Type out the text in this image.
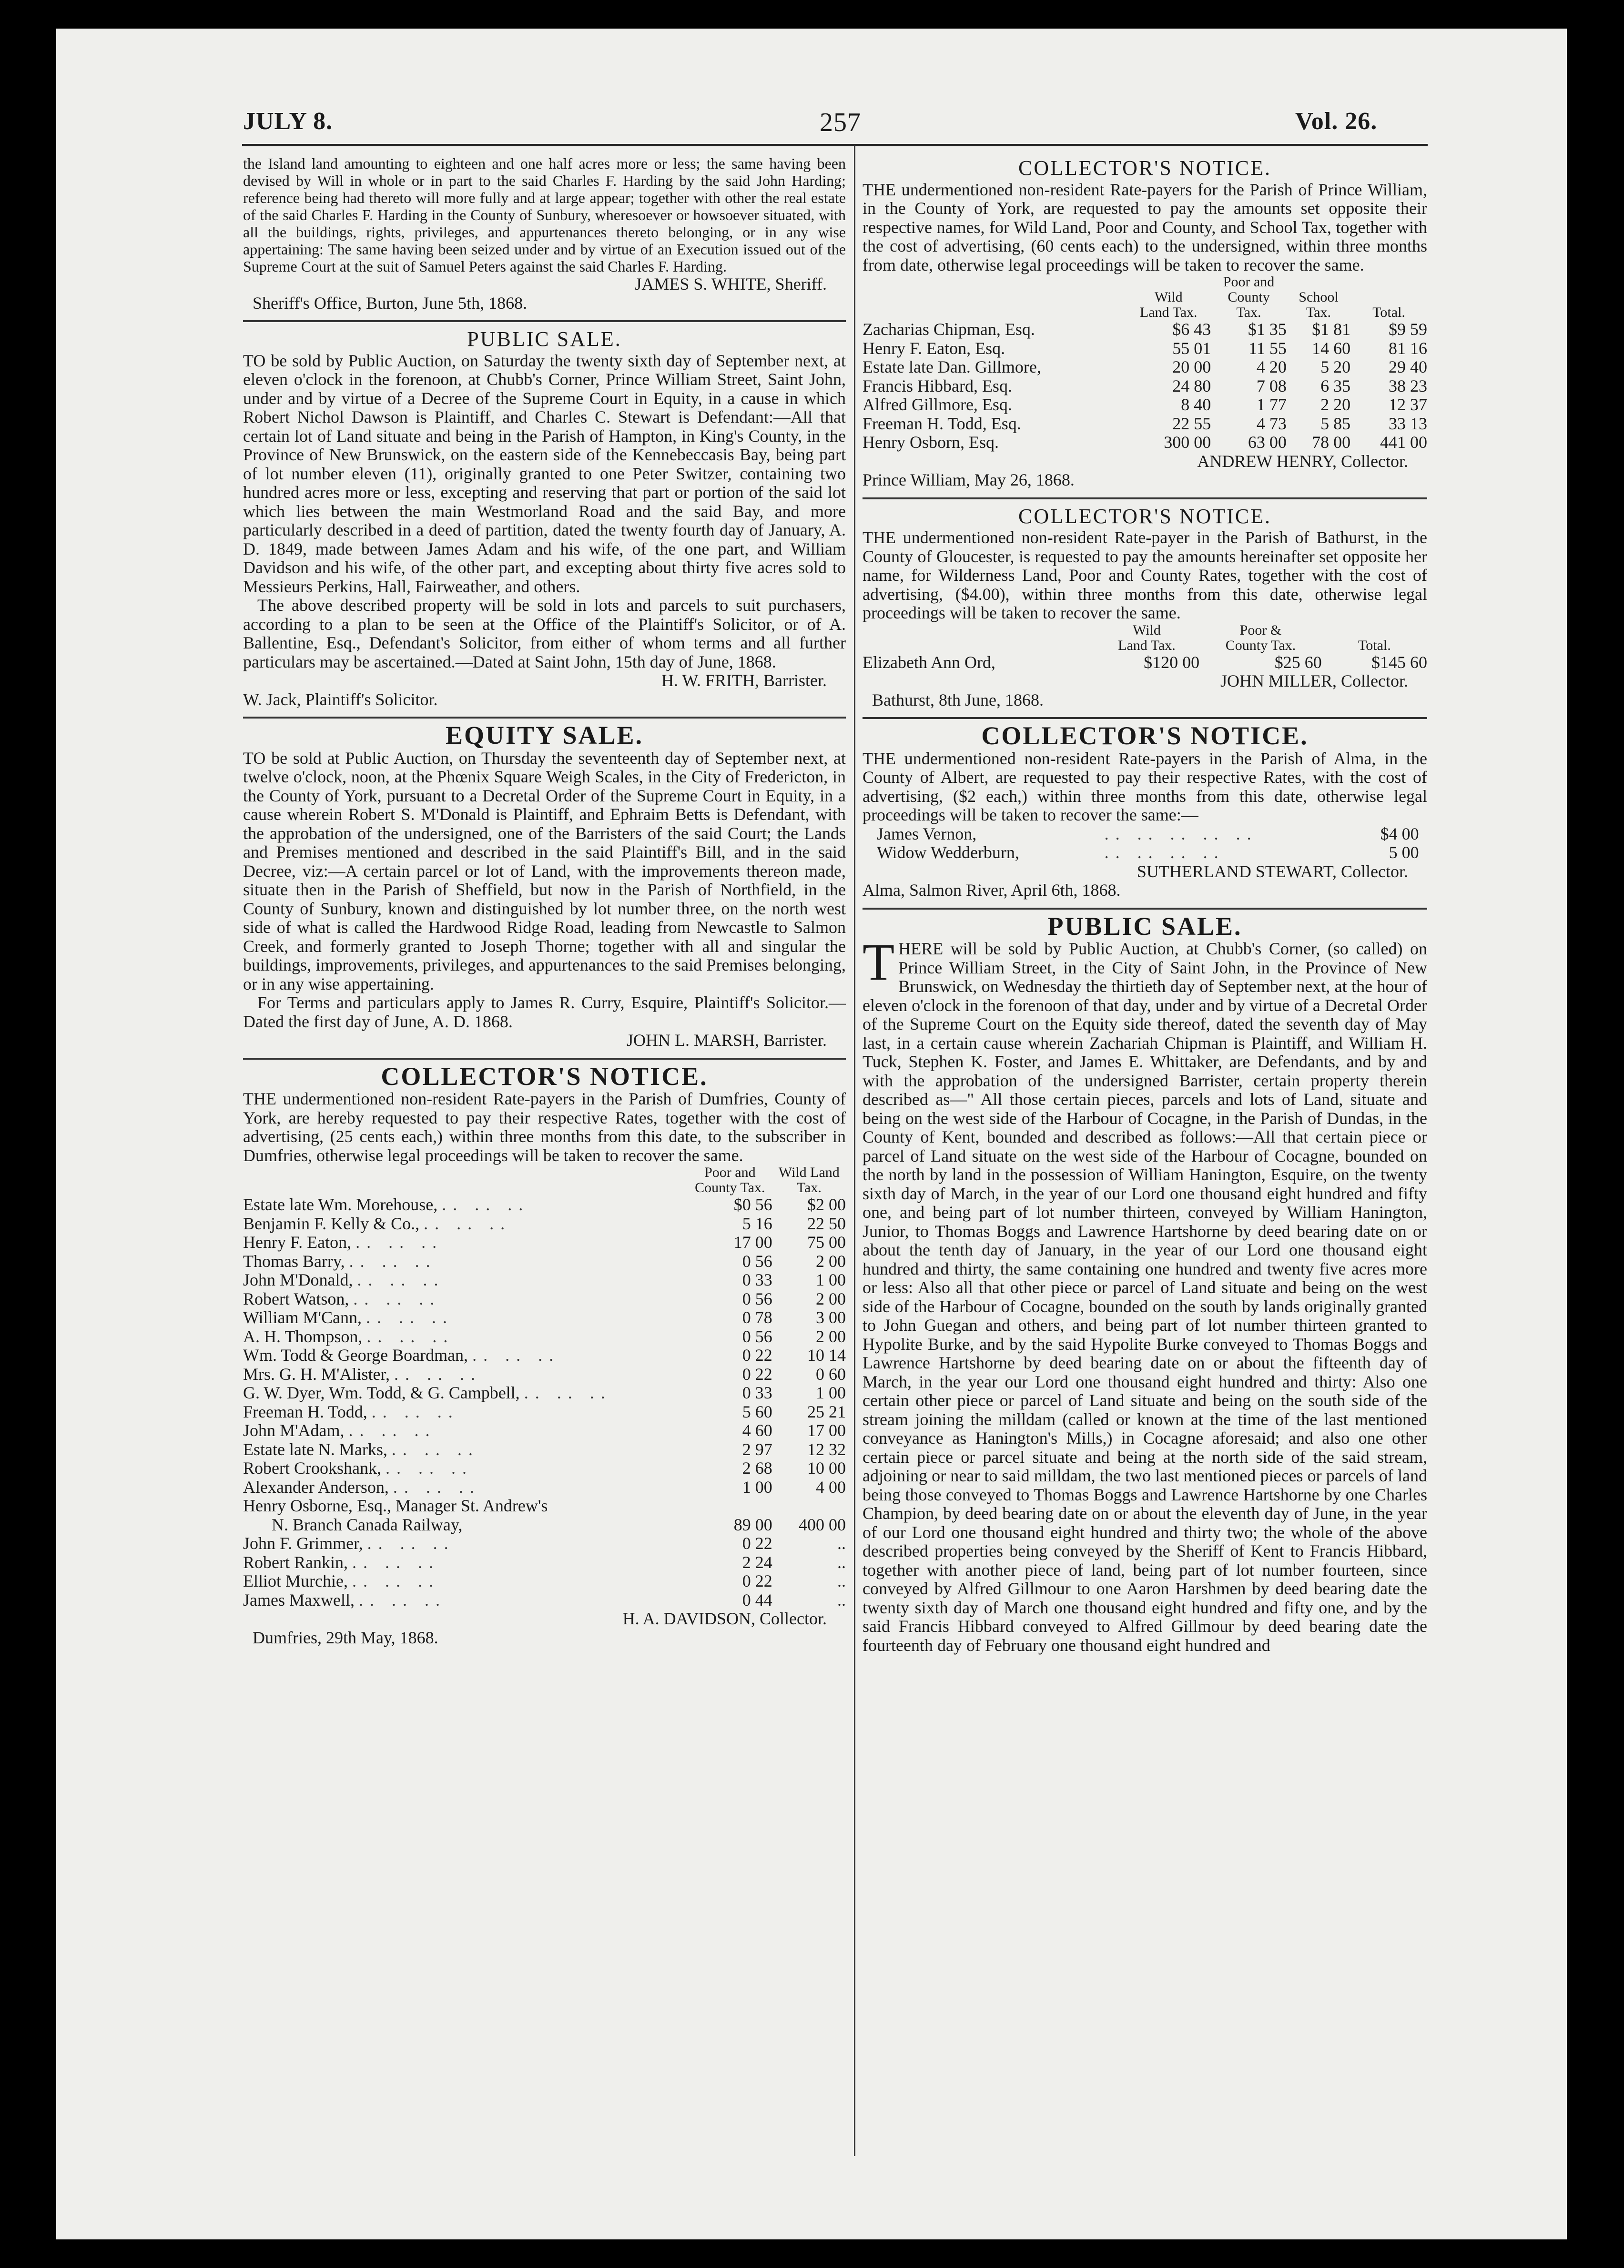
JULY 8.	257	Vol. 26.

the Island land amounting to eighteen and one half acres more or less; the same having been devised by Will in whole or in part to the said Charles F. Harding by the said John Harding; reference being had thereto will more fully and at large appear; together with other the real estate of the said Charles F. Harding in the County of Sunbury, wheresoever or howsoever situated, with all the buildings, rights, privileges, and appurtenances thereto belonging, or in any wise appertaining: The same having been seized under and by virtue of an Execution issued out of the Supreme Court at the suit of Samuel Peters against the said Charles F. Harding.

JAMES S. WHITE, Sheriff.
Sheriff's Office, Burton, June 5th, 1868.
PUBLIC SALE.

TO be sold by Public Auction, on Saturday the twenty sixth day of September next, at eleven o'clock in the forenoon, at Chubb's Corner, Prince William Street, Saint John, under and by virtue of a Decree of the Supreme Court in Equity, in a cause in which Robert Nichol Dawson is Plaintiff, and Charles C. Stewart is Defendant:—All that certain lot of Land situate and being in the Parish of Hampton, in King's County, in the Province of New Brunswick, on the eastern side of the Kennebeccasis Bay, being part of lot number eleven (11), originally granted to one Peter Switzer, containing two hundred acres more or less, excepting and reserving that part or portion of the said lot which lies between the main Westmorland Road and the said Bay, and more particularly described in a deed of partition, dated the twenty fourth day of January, A. D. 1849, made between James Adam and his wife, of the one part, and William Davidson and his wife, of the other part, and excepting about thirty five acres sold to Messieurs Perkins, Hall, Fairweather, and others.

The above described property will be sold in lots and parcels to suit purchasers, according to a plan to be seen at the Office of the Plaintiff's Solicitor, or of A. Ballentine, Esq., Defendant's Solicitor, from either of whom terms and all further particulars may be ascertained.—Dated at Saint John, 15th day of June, 1868.

H. W. FRITH, Barrister.
W. Jack, Plaintiff's Solicitor.
EQUITY SALE.

TO be sold at Public Auction, on Thursday the seventeenth day of September next, at twelve o'clock, noon, at the Phœnix Square Weigh Scales, in the City of Fredericton, in the County of York, pursuant to a Decretal Order of the Supreme Court in Equity, in a cause wherein Robert S. M'Donald is Plaintiff, and Ephraim Betts is Defendant, with the approbation of the undersigned, one of the Barristers of the said Court; the Lands and Premises mentioned and described in the said Plaintiff's Bill, and in the said Decree, viz:—A certain parcel or lot of Land, with the improvements thereon made, situate then in the Parish of Sheffield, but now in the Parish of Northfield, in the County of Sunbury, known and distinguished by lot number three, on the north west side of what is called the Hardwood Ridge Road, leading from Newcastle to Salmon Creek, and formerly granted to Joseph Thorne; together with all and singular the buildings, improvements, privileges, and appurtenances to the said Premises belonging, or in any wise appertaining.

For Terms and particulars apply to James R. Curry, Esquire, Plaintiff's Solicitor.—Dated the first day of June, A. D. 1868.

JOHN L. MARSH, Barrister.
COLLECTOR'S NOTICE.

THE undermentioned non-resident Rate-payers in the Parish of Dumfries, County of York, are hereby requested to pay their respective Rates, together with the cost of advertising, (25 cents each,) within three months from this date, to the subscriber in Dumfries, otherwise legal proceedings will be taken to recover the same.

	Poor and
County Tax.	Wild Land
Tax.
Estate late Wm. Morehouse, .. .. ..	$0 56	$2 00
Benjamin F. Kelly & Co., .. .. ..	5 16	22 50
Henry F. Eaton, .. .. ..	17 00	75 00
Thomas Barry, .. .. ..	0 56	2 00
John M'Donald, .. .. ..	0 33	1 00
Robert Watson, .. .. ..	0 56	2 00
William M'Cann, .. .. ..	0 78	3 00
A. H. Thompson, .. .. ..	0 56	2 00
Wm. Todd & George Boardman, .. .. ..	0 22	10 14
Mrs. G. H. M'Alister, .. .. ..	0 22	0 60
G. W. Dyer, Wm. Todd, & G. Campbell, .. .. ..	0 33	1 00
Freeman H. Todd, .. .. ..	5 60	25 21
John M'Adam, .. .. ..	4 60	17 00
Estate late N. Marks, .. .. ..	2 97	12 32
Robert Crookshank, .. .. ..	2 68	10 00
Alexander Anderson, .. .. ..	1 00	4 00
Henry Osborne, Esq., Manager St. Andrew's		
N. Branch Canada Railway,	89 00	400 00
John F. Grimmer, .. .. ..	0 22	..
Robert Rankin, .. .. ..	2 24	..
Elliot Murchie, .. .. ..	0 22	..
James Maxwell, .. .. ..	0 44	..
H. A. DAVIDSON, Collector.
Dumfries, 29th May, 1868.
COLLECTOR'S NOTICE.

THE undermentioned non-resident Rate-payers for the Parish of Prince William, in the County of York, are requested to pay the amounts set opposite their respective names, for Wild Land, Poor and County, and School Tax, together with the cost of advertising, (60 cents each) to the undersigned, within three months from date, otherwise legal proceedings will be taken to recover the same.

Wild
Land Tax.	Poor and
County
Tax.	School
Tax.	Total.
Zacharias Chipman, Esq.	$6 43	$1 35	$1 81	$9 59
Henry F. Eaton, Esq.	55 01	11 55	14 60	81 16
Estate late Dan. Gillmore,	20 00	4 20	5 20	29 40
Francis Hibbard, Esq.	24 80	7 08	6 35	38 23
Alfred Gillmore, Esq.	8 40	1 77	2 20	12 37
Freeman H. Todd, Esq.	22 55	4 73	5 85	33 13
Henry Osborn, Esq.	300 00	63 00	78 00	441 00
ANDREW HENRY, Collector.
Prince William, May 26, 1868.
COLLECTOR'S NOTICE.

THE undermentioned non-resident Rate-payer in the Parish of Bathurst, in the County of Gloucester, is requested to pay the amounts hereinafter set opposite her name, for Wilderness Land, Poor and County Rates, together with the cost of advertising, ($4.00), within three months from this date, otherwise legal proceedings will be taken to recover the same.

	Wild
Land Tax.	Poor &
County Tax.	Total.
Elizabeth Ann Ord,	$120 00	$25 60	$145 60
JOHN MILLER, Collector.
Bathurst, 8th June, 1868.
COLLECTOR'S NOTICE.

THE undermentioned non-resident Rate-payers in the Parish of Alma, in the County of Albert, are requested to pay their respective Rates, with the cost of advertising, ($2 each,) within three months from this date, otherwise legal proceedings will be taken to recover the same:—

James Vernon,	.. .. .. .. ..	$4 00
Widow Wedderburn,	.. .. .. ..	5 00
SUTHERLAND STEWART, Collector.
Alma, Salmon River, April 6th, 1868.
PUBLIC SALE.

THERE will be sold by Public Auction, at Chubb's Corner, (so called) on Prince William Street, in the City of Saint John, in the Province of New Brunswick, on Wednesday the thirtieth day of September next, at the hour of eleven o'clock in the forenoon of that day, under and by virtue of a Decretal Order of the Supreme Court on the Equity side thereof, dated the seventh day of May last, in a certain cause wherein Zachariah Chipman is Plaintiff, and William H. Tuck, Stephen K. Foster, and James E. Whittaker, are Defendants, and by and with the approbation of the undersigned Barrister, certain property therein described as—" All those certain pieces, parcels and lots of Land, situate and being on the west side of the Harbour of Cocagne, in the Parish of Dundas, in the County of Kent, bounded and described as follows:—All that certain piece or parcel of Land situate on the west side of the Harbour of Cocagne, bounded on the north by land in the possession of William Hanington, Esquire, on the twenty sixth day of March, in the year of our Lord one thousand eight hundred and fifty one, and being part of lot number thirteen, conveyed by William Hanington, Junior, to Thomas Boggs and Lawrence Hartshorne by deed bearing date on or about the tenth day of January, in the year of our Lord one thousand eight hundred and thirty, the same containing one hundred and twenty five acres more or less: Also all that other piece or parcel of Land situate and being on the west side of the Harbour of Cocagne, bounded on the south by lands originally granted to John Guegan and others, and being part of lot number thirteen granted to Hypolite Burke, and by the said Hypolite Burke conveyed to Thomas Boggs and Lawrence Hartshorne by deed bearing date on or about the fifteenth day of March, in the year our Lord one thousand eight hundred and thirty: Also one certain other piece or parcel of Land situate and being on the south side of the stream joining the milldam (called or known at the time of the last mentioned conveyance as Hanington's Mills,) in Cocagne aforesaid; and also one other certain piece or parcel situate and being at the north side of the said stream, adjoining or near to said milldam, the two last mentioned pieces or parcels of land being those conveyed to Thomas Boggs and Lawrence Hartshorne by one Charles Champion, by deed bearing date on or about the eleventh day of June, in the year of our Lord one thousand eight hundred and thirty two; the whole of the above described properties being conveyed by the Sheriff of Kent to Francis Hibbard, together with another piece of land, being part of lot number fourteen, since conveyed by Alfred Gillmour to one Aaron Harshmen by deed bearing date the twenty sixth day of March one thousand eight hundred and fifty one, and by the said Francis Hibbard conveyed to Alfred Gillmour by deed bearing date the fourteenth day of February one thousand eight hundred and
